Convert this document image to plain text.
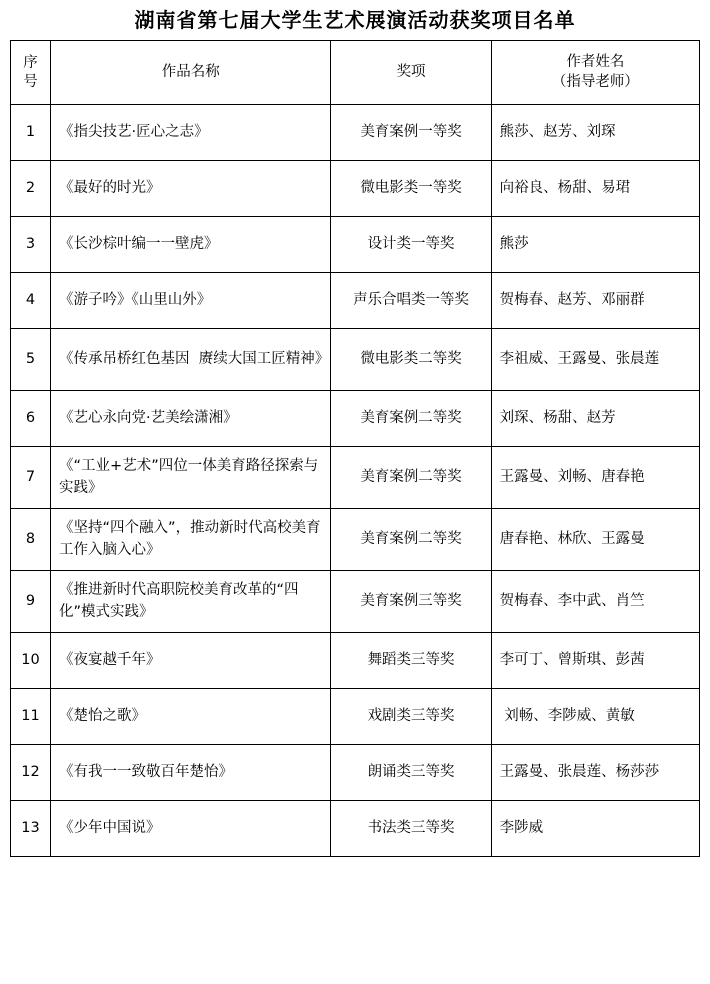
湖南省第七届大学生艺术展演活动获奖项目名单
序
号	作品名称	奖项	作者姓名
（指导老师）

1	《指尖技艺·匠心之志》	美育案例一等奖	熊莎、赵芳、刘琛

2	《最好的时光》	微电影类一等奖	向裕良、杨甜、易珺

3	《长沙棕叶编一一壁虎》	设计类一等奖	熊莎

4	《游子吟》《山里山外》	声乐合唱类一等奖	贺梅春、赵芳、邓丽群

5	《传承吊桥红色基因  赓续大国工匠精神》	微电影类二等奖	李祖威、王露曼、张晨莲

6	《艺心永向党·艺美绘潇湘》	美育案例二等奖	刘琛、杨甜、赵芳

7	《“工业+艺术”四位一体美育路径探索与实践》	美育案例二等奖	王露曼、刘畅、唐春艳

8	《坚持“四个融入”，推动新时代高校美育工作入脑入心》	美育案例二等奖	唐春艳、林欣、王露曼

9	《推进新时代高职院校美育改革的“四化”模式实践》	美育案例三等奖	贺梅春、李中武、肖竺

10	《夜宴越千年》	舞蹈类三等奖	李可丁、曾斯琪、彭茜

11	《楚怡之歌》	戏剧类三等奖	刘畅、李陟威、黄敏

12	《有我一一致敬百年楚怡》	朗诵类三等奖	王露曼、张晨莲、杨莎莎

13	《少年中国说》	书法类三等奖	李陟威
